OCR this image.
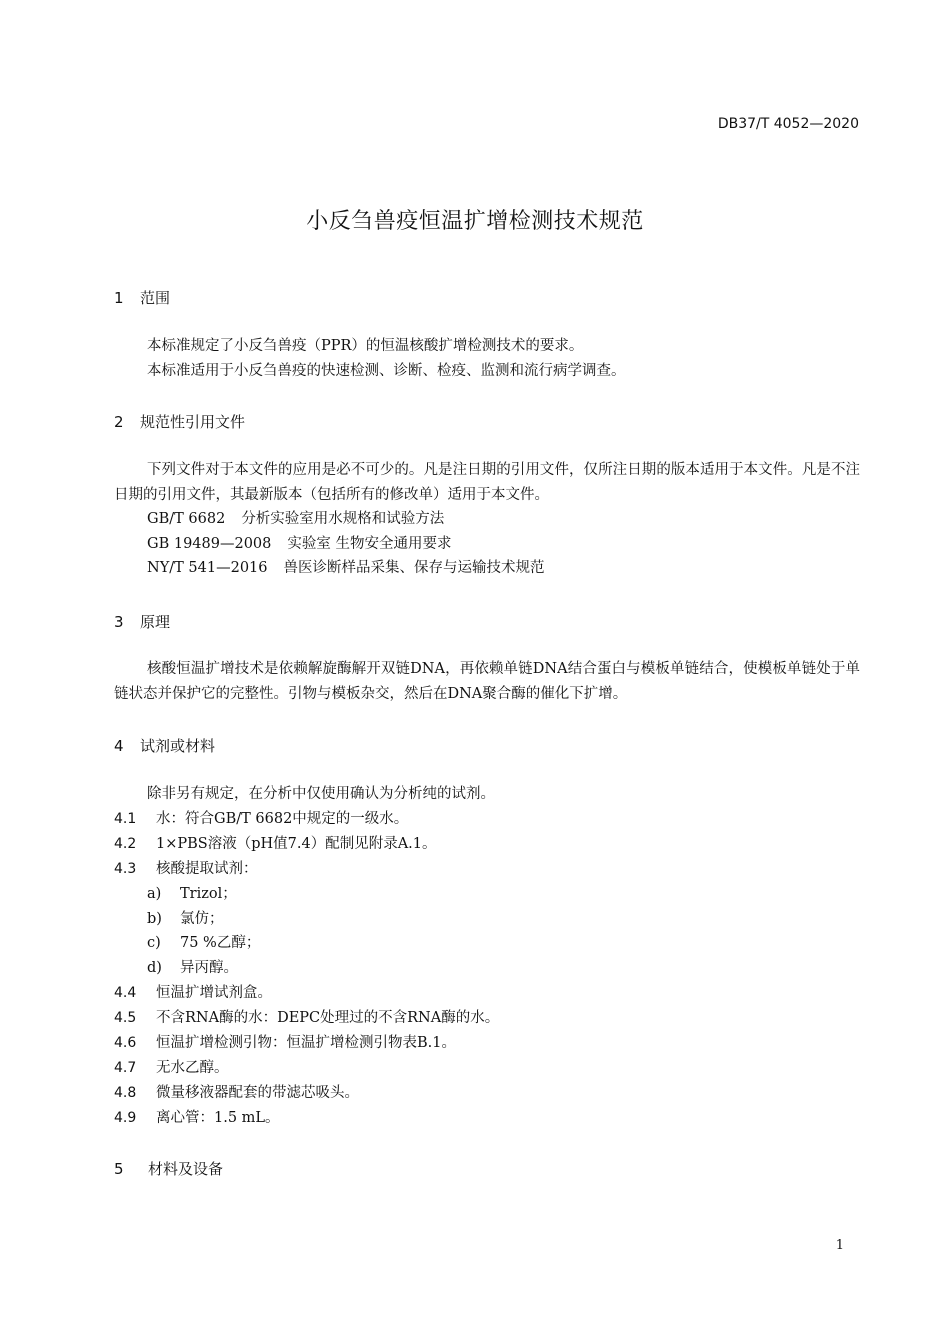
DB37/T 4052—2020
小反刍兽疫恒温扩增检测技术规范
1 范围

本标准规定了小反刍兽疫（PPR）的恒温核酸扩增检测技术的要求。

本标准适用于小反刍兽疫的快速检测、诊断、检疫、监测和流行病学调查。

2 规范性引用文件

下列文件对于本文件的应用是必不可少的。凡是注日期的引用文件，仅所注日期的版本适用于本文件。凡是不注日期的引用文件，其最新版本（包括所有的修改单）适用于本文件。

GB/T 6682 分析实验室用水规格和试验方法

GB 19489—2008 实验室 生物安全通用要求

NY/T 541—2016 兽医诊断样品采集、保存与运输技术规范

3 原理

核酸恒温扩增技术是依赖解旋酶解开双链DNA，再依赖单链DNA结合蛋白与模板单链结合，使模板单链处于单链状态并保护它的完整性。引物与模板杂交，然后在DNA聚合酶的催化下扩增。

4 试剂或材料
除非另有规定，在分析中仅使用确认为分析纯的试剂。
4.1 水：符合GB/T 6682中规定的一级水。
4.2 1×PBS溶液（pH值7.4）配制见附录A.1。
4.3 核酸提取试剂：
a) Trizol；
b) 氯仿；
c) 75 %乙醇；
d) 异丙醇。
4.4 恒温扩增试剂盒。
4.5 不含RNA酶的水：DEPC处理过的不含RNA酶的水。
4.6 恒温扩增检测引物：恒温扩增检测引物表B.1。
4.7 无水乙醇。
4.8 微量移液器配套的带滤芯吸头。
4.9 离心管：1.5 mL。
5 材料及设备
1
